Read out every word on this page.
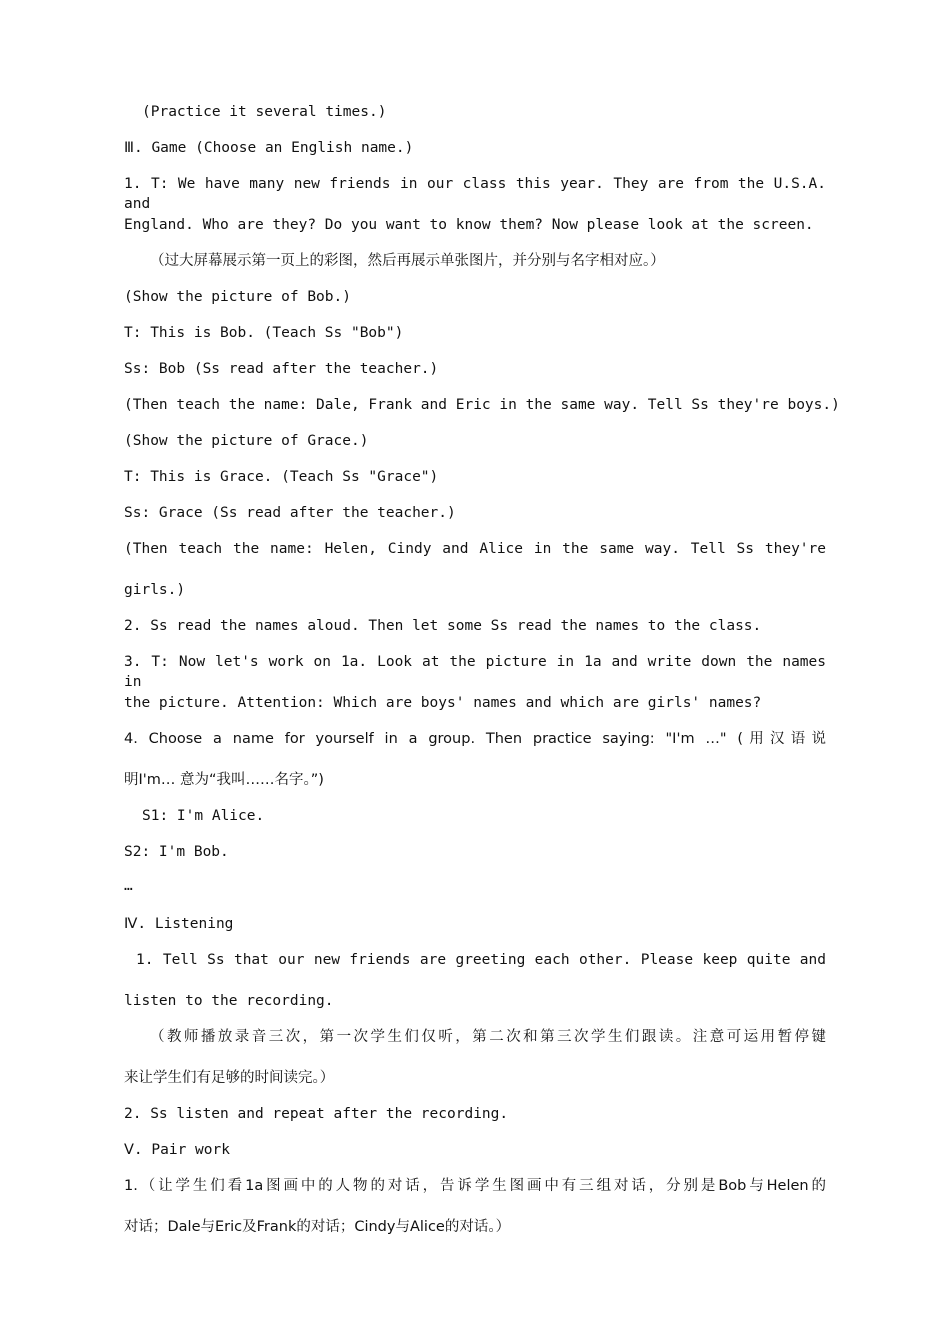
(Practice it several times.)
Ⅲ. Game (Choose an English name.)
1. T: We have many new friends in our class this year. They are from the U.S.A. and
England. Who are they? Do you want to know them? Now please look at the screen.
（过大屏幕展示第一页上的彩图，然后再展示单张图片，并分别与名字相对应。）
(Show the picture of Bob.)
T: This is Bob. (Teach Ss "Bob")
Ss: Bob (Ss read after the teacher.)
(Then teach the name: Dale, Frank and Eric in the same way. Tell Ss they're boys.)
(Show the picture of Grace.)
T: This is Grace. (Teach Ss "Grace")
Ss: Grace (Ss read after the teacher.)
(Then teach the name: Helen, Cindy and Alice in the same way. Tell Ss they're
girls.)
2. Ss read the names aloud. Then let some Ss read the names to the class.
3. T: Now let's work on 1a. Look at the picture in 1a and write down the names in
the picture. Attention: Which are boys' names and which are girls' names?
4. Choose a name for yourself in a group. Then practice saying: "I'm …" (用汉语说
明I'm… 意为“我叫……名字。”)
S1: I'm Alice.
S2: I'm Bob.
…
Ⅳ. Listening
1. Tell Ss that our new friends are greeting each other. Please keep quite and
listen to the recording.
（教师播放录音三次，第一次学生们仅听，第二次和第三次学生们跟读。注意可运用暂停键
来让学生们有足够的时间读完。）
2. Ss listen and repeat after the recording.
Ⅴ. Pair work
1.（让学生们看1a图画中的人物的对话，告诉学生图画中有三组对话，分别是Bob与Helen的
对话；Dale与Eric及Frank的对话；Cindy与Alice的对话。）
